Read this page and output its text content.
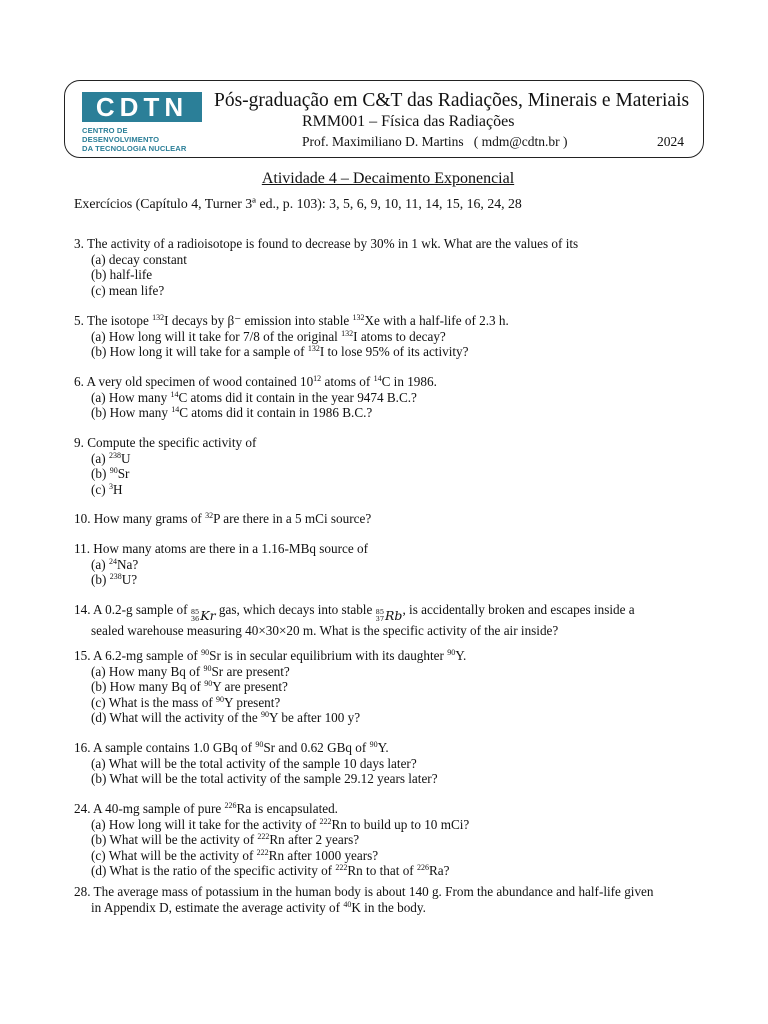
CDTN
CENTRO DE DESENVOLVIMENTO
DA TECNOLOGIA NUCLEAR
Pós-graduação em C&T das Radiações, Minerais e Materiais
RMM001 – Física das Radiações
Prof. Maximiliano D. Martins ( mdm@cdtn.br )	2024
Atividade 4 – Decaimento Exponencial
Exercícios (Capítulo 4, Turner 3ª ed., p. 103): 3, 5, 6, 9, 10, 11, 14, 15, 16, 24, 28
3. The activity of a radioisotope is found to decrease by 30% in 1 wk. What are the values of its
(a) decay constant
(b) half-life
(c) mean life?
5. The isotope $^{132}$I decays by β⁻ emission into stable $^{132}$Xe with a half-life of 2.3 h.
(a) How long will it take for 7/8 of the original $^{132}$I atoms to decay?
(b) How long it will take for a sample of $^{132}$I to lose 95% of its activity?
6. A very old specimen of wood contained $10^{12}$ atoms of $^{14}$C in 1986.
(a) How many $^{14}$C atoms did it contain in the year 9474 B.C.?
(b) How many $^{14}$C atoms did it contain in 1986 B.C.?
9. Compute the specific activity of
(a) $^{238}$U
(b) $^{90}$Sr
(c) $^3$H
10. How many grams of $^{32}$P are there in a 5 mCi source?
11. How many atoms are there in a 1.16-MBq source of
(a) $^{24}$Na?
(b) $^{238}$U?
14. A 0.2-g sample of 85
36 Kr gas, which decays into stable 85
37 Rb , is accidentally broken and escapes inside a
sealed warehouse measuring 40×30×20 m. What is the specific activity of the air inside?
15. A 6.2-mg sample of $^{90}$Sr is in secular equilibrium with its daughter $^{90}$Y.
(a) How many Bq of $^{90}$Sr are present?
(b) How many Bq of $^{90}$Y are present?
(c) What is the mass of $^{90}$Y present?
(d) What will the activity of the $^{90}$Y be after 100 y?
16. A sample contains 1.0 GBq of $^{90}$Sr and 0.62 GBq of $^{90}$Y.
(a) What will be the total activity of the sample 10 days later?
(b) What will be the total activity of the sample 29.12 years later?
24. A 40-mg sample of pure $^{226}$Ra is encapsulated.
(a) How long will it take for the activity of $^{222}$Rn to build up to 10 mCi?
(b) What will be the activity of $^{222}$Rn after 2 years?
(c) What will be the activity of $^{222}$Rn after 1000 years?
(d) What is the ratio of the specific activity of $^{222}$Rn to that of $^{226}$Ra?
28. The average mass of potassium in the human body is about 140 g. From the abundance and half-life given
in Appendix D, estimate the average activity of $^{40}$K in the body.
